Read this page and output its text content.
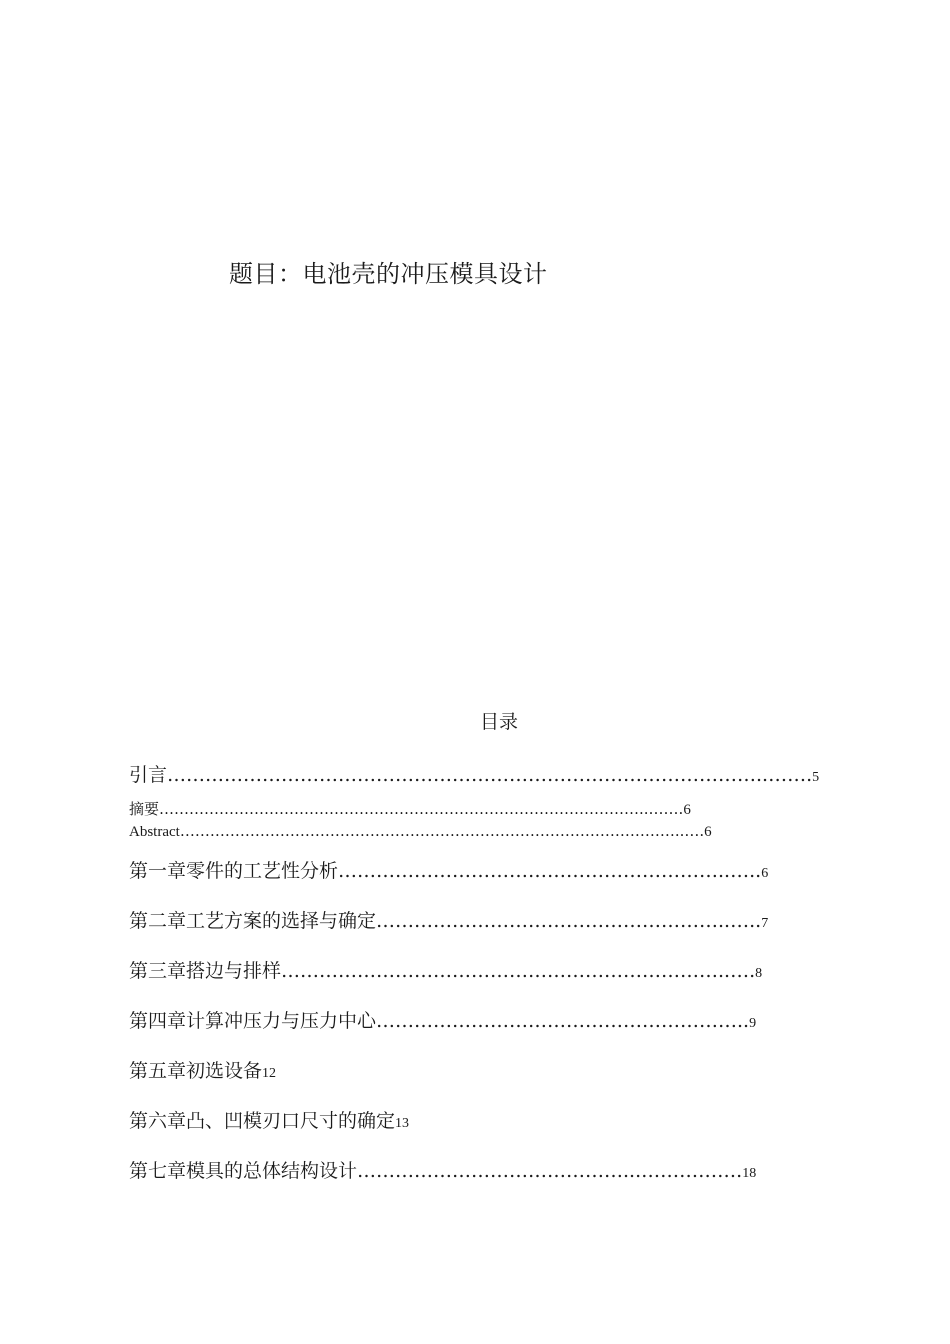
题目：电池壳的冲压模具设计
目录
引言…………………………………………………………………………………..…….5
摘要……………………………………………………………………………………..…….6
Abstract………………………………………………………………………………………..….6
第一章零件的工艺性分析……………………………………………………..…..6
第二章工艺方案的选择与确定………………………………………………..…..7
第三章搭边与排样……………………………………………………………..….8
第四章计算冲压力与压力中心…………………………………………………..9
第五章初选设备12
第六章凸、凹模刃口尺寸的确定13
第七章模具的总体结构设计……………………………………...…………….18
